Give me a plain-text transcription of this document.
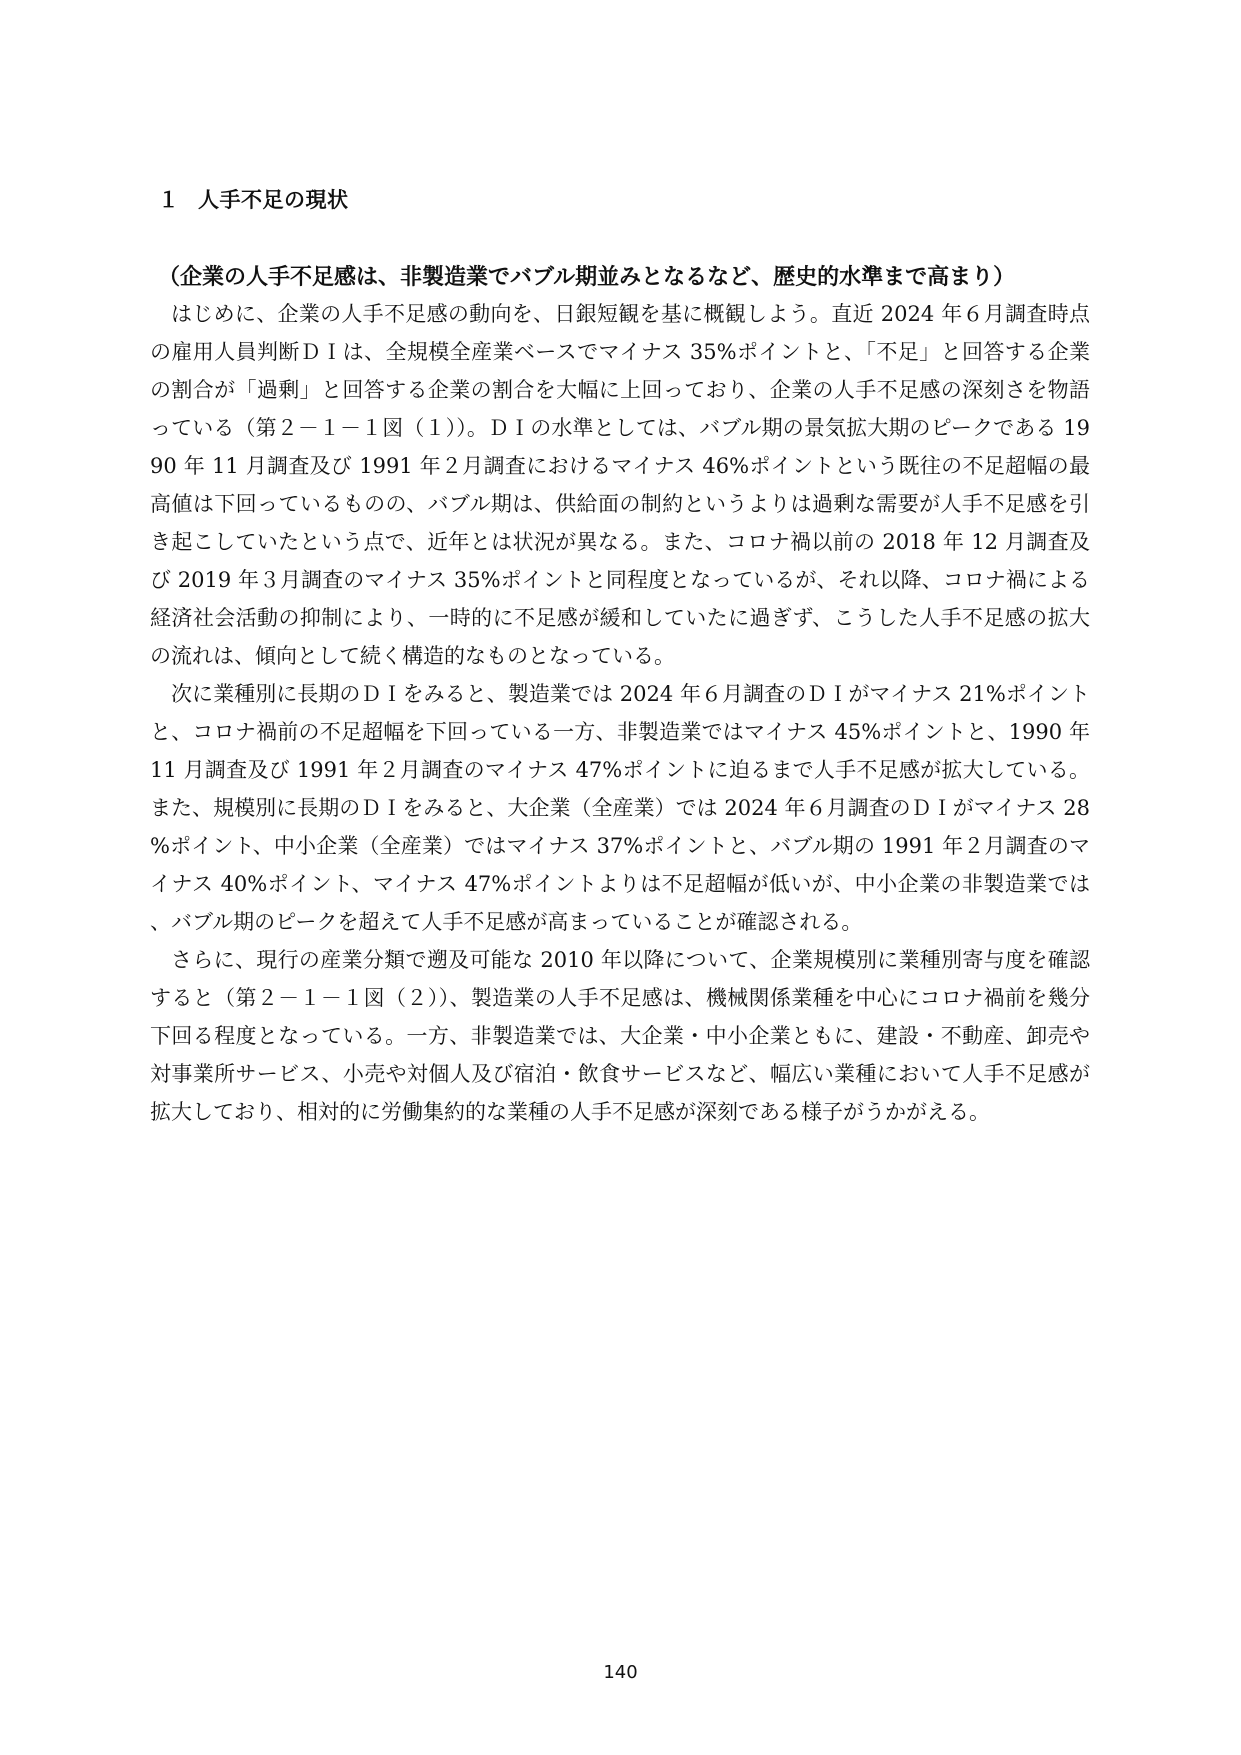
１ 人手不足の現状
（企業の人手不足感は、非製造業でバブル期並みとなるなど、歴史的水準まで高まり）

はじめに、企業の人手不足感の動向を、日銀短観を基に概観しよう。直近 2024 年６月調査時点の雇用人員判断ＤＩは、全規模全産業ベースでマイナス 35%ポイントと、「不足」と回答する企業の割合が「過剰」と回答する企業の割合を大幅に上回っており、企業の人手不足感の深刻さを物語っている（第２－１－１図（１））。ＤＩの水準としては、バブル期の景気拡大期のピークである 1990 年 11 月調査及び 1991 年２月調査におけるマイナス 46%ポイントという既往の不足超幅の最高値は下回っているものの、バブル期は、供給面の制約というよりは過剰な需要が人手不足感を引き起こしていたという点で、近年とは状況が異なる。また、コロナ禍以前の 2018 年 12 月調査及び 2019 年３月調査のマイナス 35%ポイントと同程度となっているが、それ以降、コロナ禍による経済社会活動の抑制により、一時的に不足感が緩和していたに過ぎず、こうした人手不足感の拡大の流れは、傾向として続く構造的なものとなっている。

次に業種別に長期のＤＩをみると、製造業では 2024 年６月調査のＤＩがマイナス 21%ポイントと、コロナ禍前の不足超幅を下回っている一方、非製造業ではマイナス 45%ポイントと、1990 年 11 月調査及び 1991 年２月調査のマイナス 47%ポイントに迫るまで人手不足感が拡大している。また、規模別に長期のＤＩをみると、大企業（全産業）では 2024 年６月調査のＤＩがマイナス 28%ポイント、中小企業（全産業）ではマイナス 37%ポイントと、バブル期の 1991 年２月調査のマイナス 40%ポイント、マイナス 47%ポイントよりは不足超幅が低いが、中小企業の非製造業では、バブル期のピークを超えて人手不足感が高まっていることが確認される。

さらに、現行の産業分類で遡及可能な 2010 年以降について、企業規模別に業種別寄与度を確認すると（第２－１－１図（２））、製造業の人手不足感は、機械関係業種を中心にコロナ禍前を幾分下回る程度となっている。一方、非製造業では、大企業・中小企業ともに、建設・不動産、卸売や対事業所サービス、小売や対個人及び宿泊・飲食サービスなど、幅広い業種において人手不足感が拡大しており、相対的に労働集約的な業種の人手不足感が深刻である様子がうかがえる。

140
